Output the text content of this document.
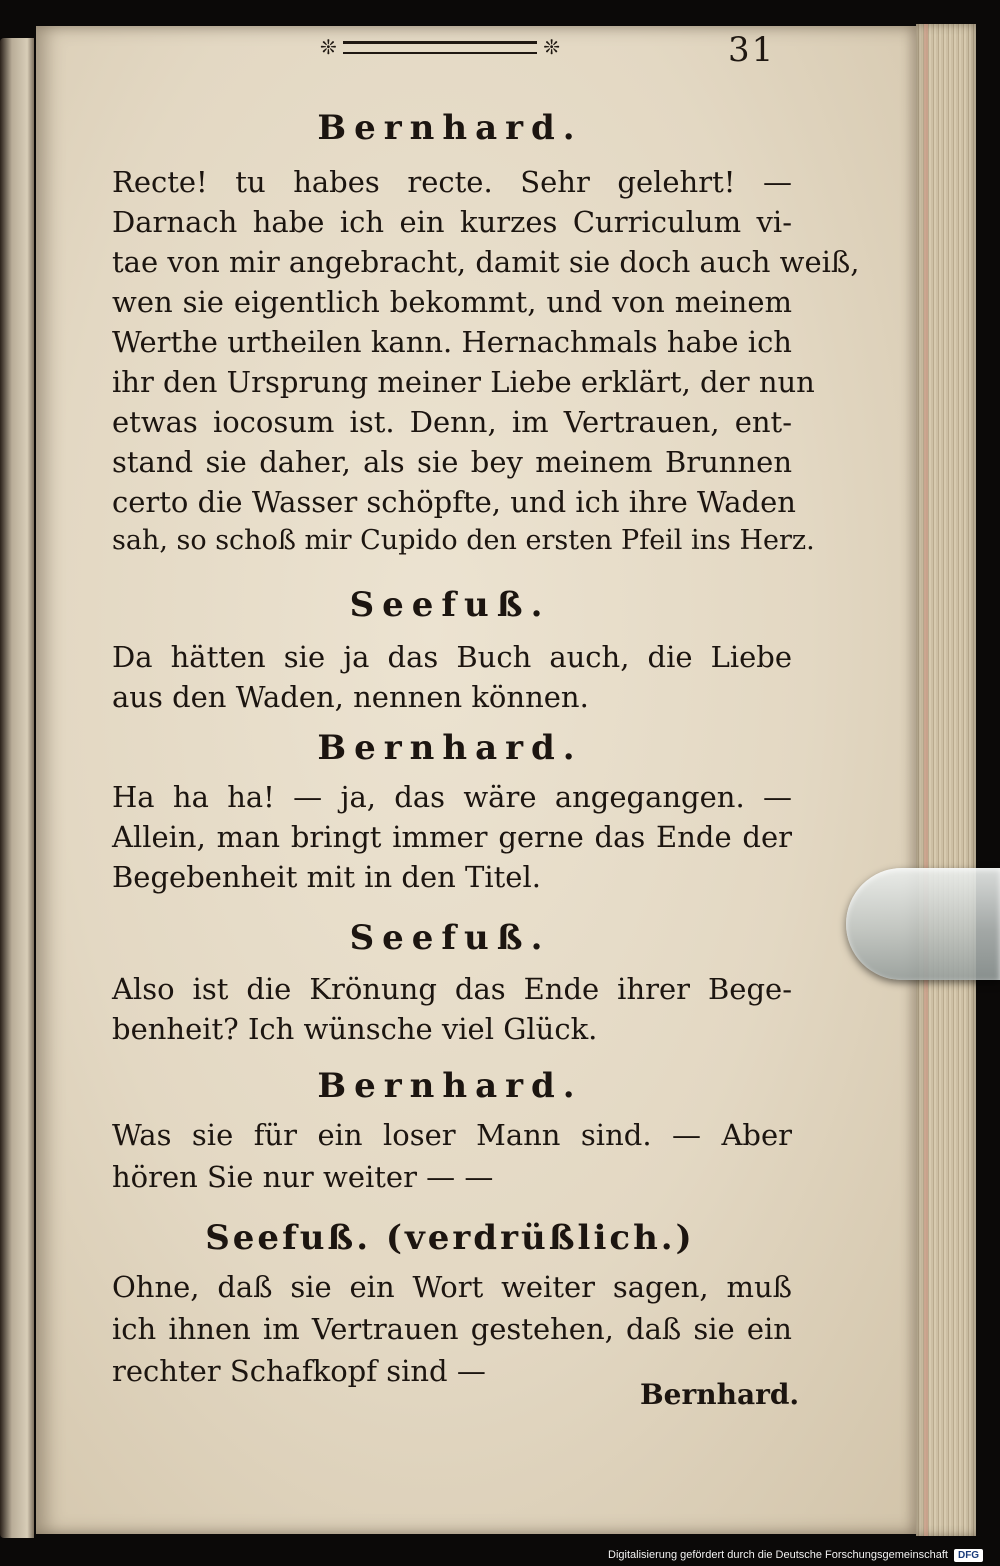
❊	❊	31
Bernhard.
Recte! tu habes recte. Sehr gelehrt! —
Darnach habe ich ein kurzes Curriculum vi-
tae von mir angebracht, damit sie doch auch weiß,
wen sie eigentlich bekommt, und von meinem
Werthe urtheilen kann. Hernachmals habe ich
ihr den Ursprung meiner Liebe erklärt, der nun
etwas iocosum ist. Denn, im Vertrauen, ent-
stand sie daher, als sie bey meinem Brunnen
certo die Wasser schöpfte, und ich ihre Waden
sah, so schoß mir Cupido den ersten Pfeil ins Herz.
Seefuß.
Da hätten sie ja das Buch auch, die Liebe
aus den Waden, nennen können.
Bernhard.
Ha ha ha! — ja, das wäre angegangen. —
Allein, man bringt immer gerne das Ende der
Begebenheit mit in den Titel.
Seefuß.
Also ist die Krönung das Ende ihrer Bege-
benheit? Ich wünsche viel Glück.
Bernhard.
Was sie für ein loser Mann sind. — Aber
hören Sie nur weiter — —
Seefuß. (verdrüßlich.)
Ohne, daß sie ein Wort weiter sagen, muß
ich ihnen im Vertrauen gestehen, daß sie ein
rechter Schafkopf sind —
Bernhard.
Digitalisierung gefördert durch die Deutsche Forschungsgemeinschaft	DFG
